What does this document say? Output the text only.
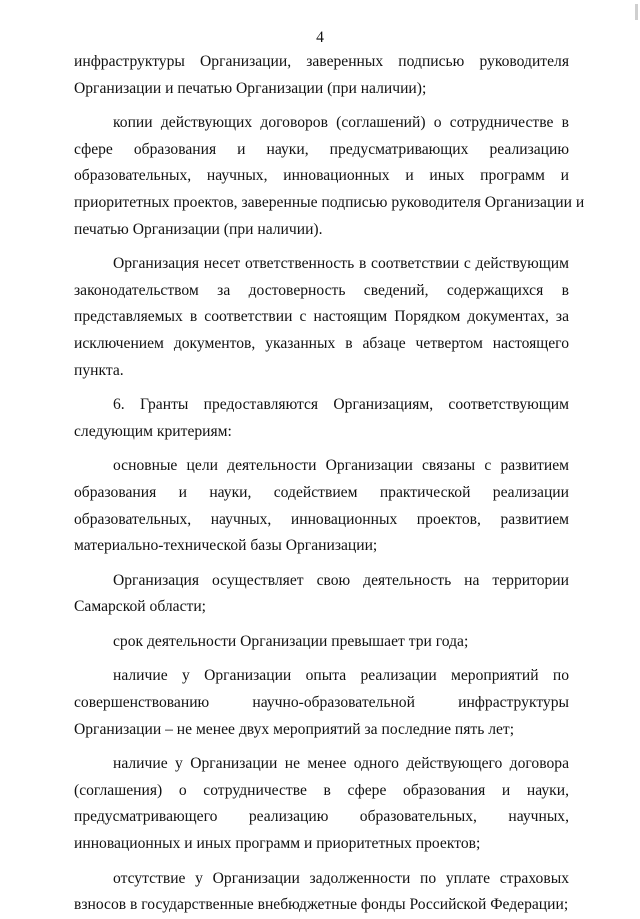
4
инфраструктуры Организации, заверенных подписью руководителя
Организации и печатью Организации (при наличии);
копии действующих договоров (соглашений) о сотрудничестве в
сфере образования и науки, предусматривающих реализацию
образовательных, научных, инновационных и иных программ и
приоритетных проектов, заверенные подписью руководителя Организации и
печатью Организации (при наличии).
Организация несет ответственность в соответствии с действующим
законодательством за достоверность сведений, содержащихся в
представляемых в соответствии с настоящим Порядком документах, за
исключением документов, указанных в абзаце четвертом настоящего
пункта.
6. Гранты предоставляются Организациям, соответствующим
следующим критериям:
основные цели деятельности Организации связаны с развитием
образования и науки, содействием практической реализации
образовательных, научных, инновационных проектов, развитием
материально-технической базы Организации;
Организация осуществляет свою деятельность на территории
Самарской области;
срок деятельности Организации превышает три года;
наличие у Организации опыта реализации мероприятий по
совершенствованию научно-образовательной инфраструктуры
Организации – не менее двух мероприятий за последние пять лет;
наличие у Организации не менее одного действующего договора
(соглашения) о сотрудничестве в сфере образования и науки,
предусматривающего реализацию образовательных, научных,
инновационных и иных программ и приоритетных проектов;
отсутствие у Организации задолженности по уплате страховых
взносов в государственные внебюджетные фонды Российской Федерации;
